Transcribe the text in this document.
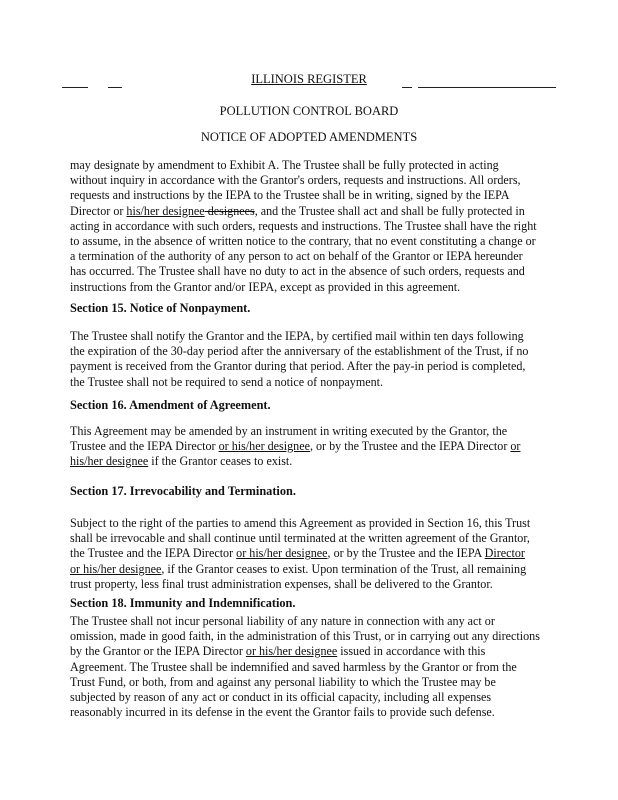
ILLINOIS REGISTER
POLLUTION CONTROL BOARD
NOTICE OF ADOPTED AMENDMENTS
may designate by amendment to Exhibit A. The Trustee shall be fully protected in acting
without inquiry in accordance with the Grantor's orders, requests and instructions. All orders,
requests and instructions by the IEPA to the Trustee shall be in writing, signed by the IEPA
Director or his/her designee designees, and the Trustee shall act and shall be fully protected in
acting in accordance with such orders, requests and instructions. The Trustee shall have the right
to assume, in the absence of written notice to the contrary, that no event constituting a change or
a termination of the authority of any person to act on behalf of the Grantor or IEPA hereunder
has occurred. The Trustee shall have no duty to act in the absence of such orders, requests and
instructions from the Grantor and/or IEPA, except as provided in this agreement.
Section 15. Notice of Nonpayment.
The Trustee shall notify the Grantor and the IEPA, by certified mail within ten days following
the expiration of the 30-day period after the anniversary of the establishment of the Trust, if no
payment is received from the Grantor during that period. After the pay-in period is completed,
the Trustee shall not be required to send a notice of nonpayment.
Section 16. Amendment of Agreement.
This Agreement may be amended by an instrument in writing executed by the Grantor, the
Trustee and the IEPA Director or his/her designee, or by the Trustee and the IEPA Director or
his/her designee if the Grantor ceases to exist.
Section 17. Irrevocability and Termination.
Subject to the right of the parties to amend this Agreement as provided in Section 16, this Trust
shall be irrevocable and shall continue until terminated at the written agreement of the Grantor,
the Trustee and the IEPA Director or his/her designee, or by the Trustee and the IEPA Director
or his/her designee, if the Grantor ceases to exist. Upon termination of the Trust, all remaining
trust property, less final trust administration expenses, shall be delivered to the Grantor.
Section 18. Immunity and Indemnification.
The Trustee shall not incur personal liability of any nature in connection with any act or
omission, made in good faith, in the administration of this Trust, or in carrying out any directions
by the Grantor or the IEPA Director or his/her designee issued in accordance with this
Agreement. The Trustee shall be indemnified and saved harmless by the Grantor or from the
Trust Fund, or both, from and against any personal liability to which the Trustee may be
subjected by reason of any act or conduct in its official capacity, including all expenses
reasonably incurred in its defense in the event the Grantor fails to provide such defense.
